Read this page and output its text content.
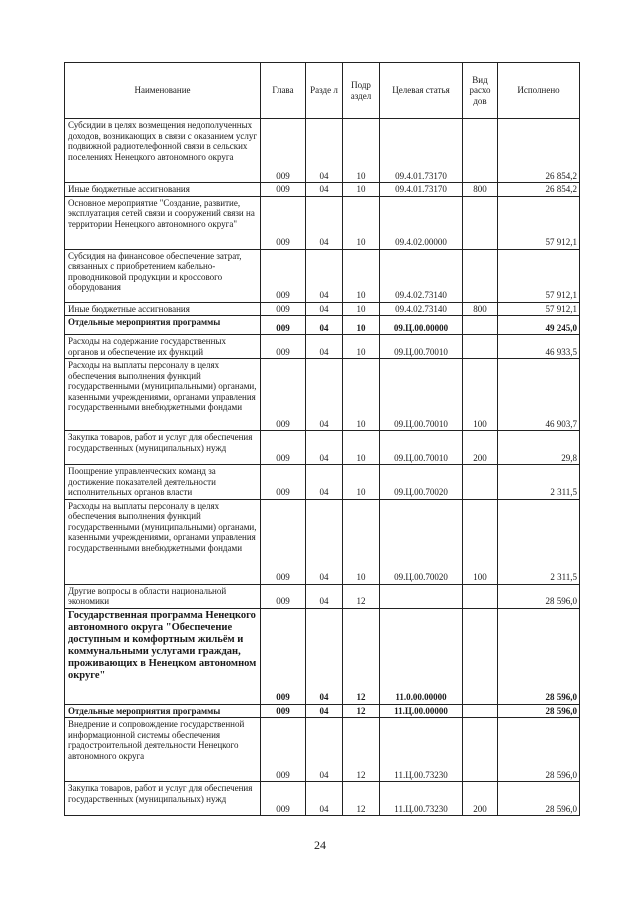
Наименование	Глава	Разде л	Подр аздел	Целевая статья	Вид расхо дов	Исполнено
Субсидии в целях возмещения недополученных доходов, возникающих в связи с оказанием услуг подвижной радиотелефонной связи в сельских поселениях Ненецкого автономного округа	009	04	10	09.4.01.73170		26 854,2
Иные бюджетные ассигнования	009	04	10	09.4.01.73170	800	26 854,2
Основное мероприятие "Создание, развитие, эксплуатация сетей связи и сооружений связи на территории Ненецкого автономного округа"	009	04	10	09.4.02.00000		57 912,1
Субсидия на финансовое обеспечение затрат, связанных с приобретением кабельно-проводниковой продукции и кроссового оборудования	009	04	10	09.4.02.73140		57 912,1
Иные бюджетные ассигнования	009	04	10	09.4.02.73140	800	57 912,1
Отдельные мероприятия программы	009	04	10	09.Ц.00.00000		49 245,0
Расходы на содержание государственных органов и обеспечение их функций	009	04	10	09.Ц.00.70010		46 933,5
Расходы на выплаты персоналу в целях обеспечения выполнения функций государственными (муниципальными) органами, казенными учреждениями, органами управления государственными внебюджетными фондами	009	04	10	09.Ц.00.70010	100	46 903,7
Закупка товаров, работ и услуг для обеспечения государственных (муниципальных) нужд	009	04	10	09.Ц.00.70010	200	29,8
Поощрение управленческих команд за достижение показателей деятельности исполнительных органов власти	009	04	10	09.Ц.00.70020		2 311,5
Расходы на выплаты персоналу в целях обеспечения выполнения функций государственными (муниципальными) органами, казенными учреждениями, органами управления государственными внебюджетными фондами	009	04	10	09.Ц.00.70020	100	2 311,5
Другие вопросы в области национальной экономики	009	04	12			28 596,0
Государственная программа Ненецкого автономного округа "Обеспечение доступным и комфортным жильём и коммунальными услугами граждан, проживающих в Ненецком автономном округе"	009	04	12	11.0.00.00000		28 596,0
Отдельные мероприятия программы	009	04	12	11.Ц.00.00000		28 596,0
Внедрение и сопровождение государственной информационной системы обеспечения градостроительной деятельности Ненецкого автономного округа	009	04	12	11.Ц.00.73230		28 596,0
Закупка товаров, работ и услуг для обеспечения государственных (муниципальных) нужд	009	04	12	11.Ц.00.73230	200	28 596,0
24
